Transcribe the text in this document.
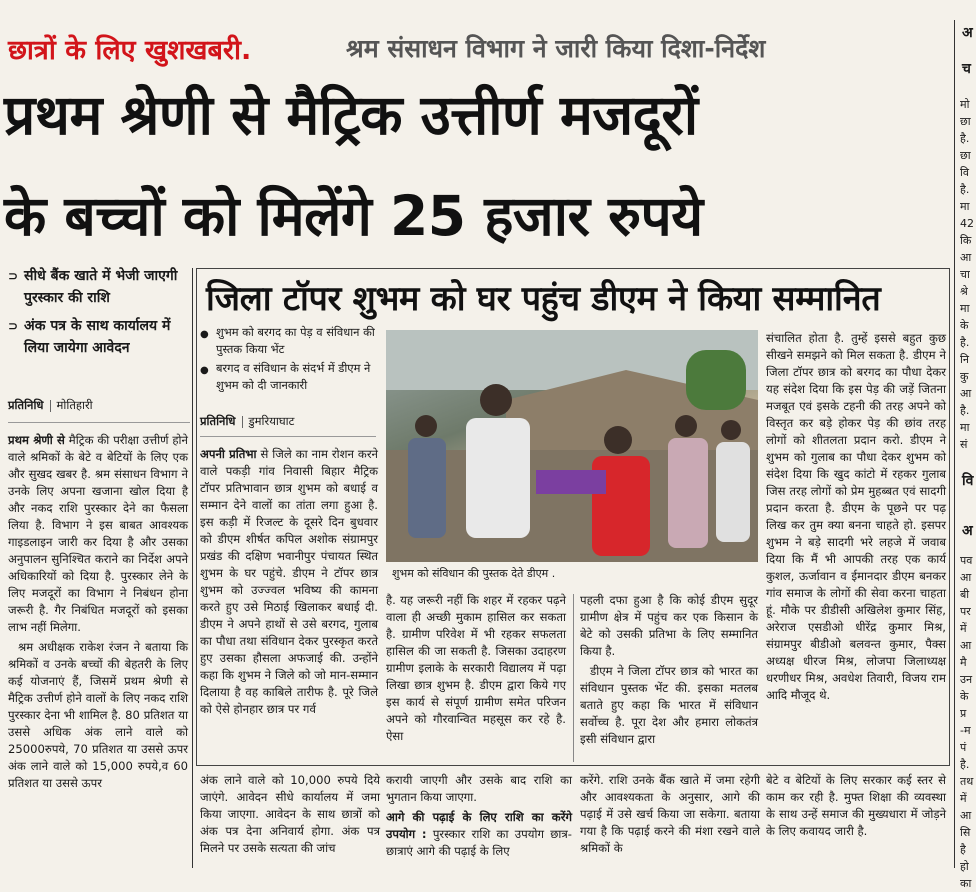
छात्रों के लिए खुशखबरी.	श्रम संसाधन विभाग ने जारी किया दिशा-निर्देश
प्रथम श्रेणी से मैट्रिक उत्तीर्ण मजदूरों
के बच्चों को मिलेंगे 25 हजार रुपये
अ
च
मो
छा
है.
छा
वि
है.
मा
42
कि
आ
चा
श्रे
मा
के
है.
नि
कु
आ
है.
मा
सं
वि
अ
पव
आ
बी
पर
में
आ
मै
उन
के
प्र
-म
पं
है.
तथ
में
आ
सि
है
हो
का
⊃ सीधे बैंक खाते में भेजी जाएगी पुरस्कार की राशि
⊃ अंक पत्र के साथ कार्यालय में लिया जायेगा आवेदन
प्रतिनिधि मोतिहारी

प्रथम श्रेणी से मैट्रिक की परीक्षा उत्तीर्ण होने वाले श्रमिकों के बेटे व बेटियों के लिए एक और सुखद खबर है. श्रम संसाधन विभाग ने उनके लिए अपना खजाना खोल दिया है और नकद राशि पुरस्कार देने का फैसला लिया है. विभाग ने इस बाबत आवश्यक गाइडलाइन जारी कर दिया है और उसका अनुपालन सुनिश्चित कराने का निर्देश अपने अधिकारियों को दिया है. पुरस्कार लेने के लिए मजदूरों का विभाग ने निबंधन होना जरूरी है. गैर निबंधित मजदूरों को इसका लाभ नहीं मिलेगा.

श्रम अधीक्षक राकेश रंजन ने बताया कि श्रमिकों व उनके बच्चों की बेहतरी के लिए कई योजनाएं हैं, जिसमें प्रथम श्रेणी से मैट्रिक उत्तीर्ण होने वालों के लिए नकद राशि पुरस्कार देना भी शामिल है. 80 प्रतिशत या उससे अधिक अंक लाने वाले को 25000रुपये, 70 प्रतिशत या उससे ऊपर अंक लाने वाले को 15,000 रुपये,व 60 प्रतिशत या उससे ऊपर

जिला टॉपर शुभम को घर पहुंच डीएम ने किया सम्मानित
● शुभम को बरगद का पेड़ व संविधान की पुस्तक किया भेंट
● बरगद व संविधान के संदर्भ में डीएम ने शुभम को दी जानकारी
प्रतिनिधि डुमरियाघाट

अपनी प्रतिभा से जिले का नाम रोशन करने वाले पकड़ी गांव निवासी बिहार मैट्रिक टॉपर प्रतिभावान छात्र शुभम को बधाई व सम्मान देने वालों का तांता लगा हुआ है. इस कड़ी में रिजल्ट के दूसरे दिन बुधवार को डीएम शीर्षत कपिल अशोक संग्रामपुर प्रखंड की दक्षिण भवानीपुर पंचायत स्थित शुभम के घर पहुंचे. डीएम ने टॉपर छात्र शुभम को उज्ज्वल भविष्य की कामना करते हुए उसे मिठाई खिलाकर बधाई दी. डीएम ने अपने हाथों से उसे बरगद, गुलाब का पौधा तथा संविधान देकर पुरस्कृत करते हुए उसका हौसला अफजाई की. उन्होंने कहा कि शुभम ने जिले को जो मान-सम्मान दिलाया है वह काबिले तारीफ है. पूरे जिले को ऐसे होनहार छात्र पर गर्व

शुभम को संविधान की पुस्तक देते डीएम .

संचालित होता है. तुम्हें इससे बहुत कुछ सीखने समझने को मिल सकता है. डीएम ने जिला टॉपर छात्र को बरगद का पौधा देकर यह संदेश दिया कि इस पेड़ की जड़ें जितना मजबूत एवं इसके टहनी की तरह अपने को विस्तृत कर बड़े होकर पेड़ की छांव तरह लोगों को शीतलता प्रदान करो. डीएम ने शुभम को गुलाब का पौधा देकर शुभम को संदेश दिया कि खुद कांटो में रहकर गुलाब जिस तरह लोगों को प्रेम मुहब्बत एवं सादगी प्रदान करता है. डीएम के पूछने पर पढ़ लिख कर तुम क्या बनना चाहते हो. इसपर शुभम ने बड़े सादगी भरे लहजे में जवाब दिया कि मैं भी आपकी तरह एक कार्य कुशल, ऊर्जावान व ईमानदार डीएम बनकर गांव समाज के लोगों की सेवा करना चाहता हूं. मौके पर डीडीसी अखिलेश कुमार सिंह, अरेराज एसडीओ धीरेंद्र कुमार मिश्र, संग्रामपुर बीडीओ बलवन्त कुमार, पैक्स अध्यक्ष धीरज मिश्र, लोजपा जिलाध्यक्ष धरणीधर मिश्र, अवधेश तिवारी, विजय राम आदि मौजूद थे.

है. यह जरूरी नहीं कि शहर में रहकर पढ़ने वाला ही अच्छी मुकाम हासिल कर सकता है. ग्रामीण परिवेश में भी रहकर सफलता हासिल की जा सकती है. जिसका उदाहरण ग्रामीण इलाके के सरकारी विद्यालय में पढ़ा लिखा छात्र शुभम है. डीएम द्वारा किये गए इस कार्य से संपूर्ण ग्रामीण समेत परिजन अपने को गौरवान्वित महसूस कर रहे है. ऐसा

पहली दफा हुआ है कि कोई डीएम सुदूर ग्रामीण क्षेत्र में पहुंच कर एक किसान के बेटे को उसकी प्रतिभा के लिए सम्मानित किया है.

डीएम ने जिला टॉपर छात्र को भारत का संविधान पुस्तक भेंट की. इसका मतलब बताते हुए कहा कि भारत में संविधान सर्वोच्च है. पूरा देश और हमारा लोकतंत्र इसी संविधान द्वारा

अंक लाने वाले को 10,000 रुपये दिये जाएंगे. आवेदन सीधे कार्यालय में जमा किया जाएगा. आवेदन के साथ छात्रों को अंक पत्र देना अनिवार्य होगा. अंक पत्र मिलने पर उसके सत्यता की जांच

करायी जाएगी और उसके बाद राशि का भुगतान किया जाएगा.

आगे की पढ़ाई के लिए राशि का करेंगे उपयोग : पुरस्कार राशि का उपयोग छात्र-छात्राएं आगे की पढ़ाई के लिए

करेंगे. राशि उनके बैंक खाते में जमा रहेगी और आवश्यकता के अनुसार, आगे की पढ़ाई में उसे खर्च किया जा सकेगा. बताया गया है कि पढ़ाई करने की मंशा रखने वाले श्रमिकों के

बेटे व बेटियों के लिए सरकार कई स्तर से काम कर रही है. मुफ्त शिक्षा की व्यवस्था के साथ उन्हें समाज की मुख्यधारा में जोड़ने के लिए कवायद जारी है.
